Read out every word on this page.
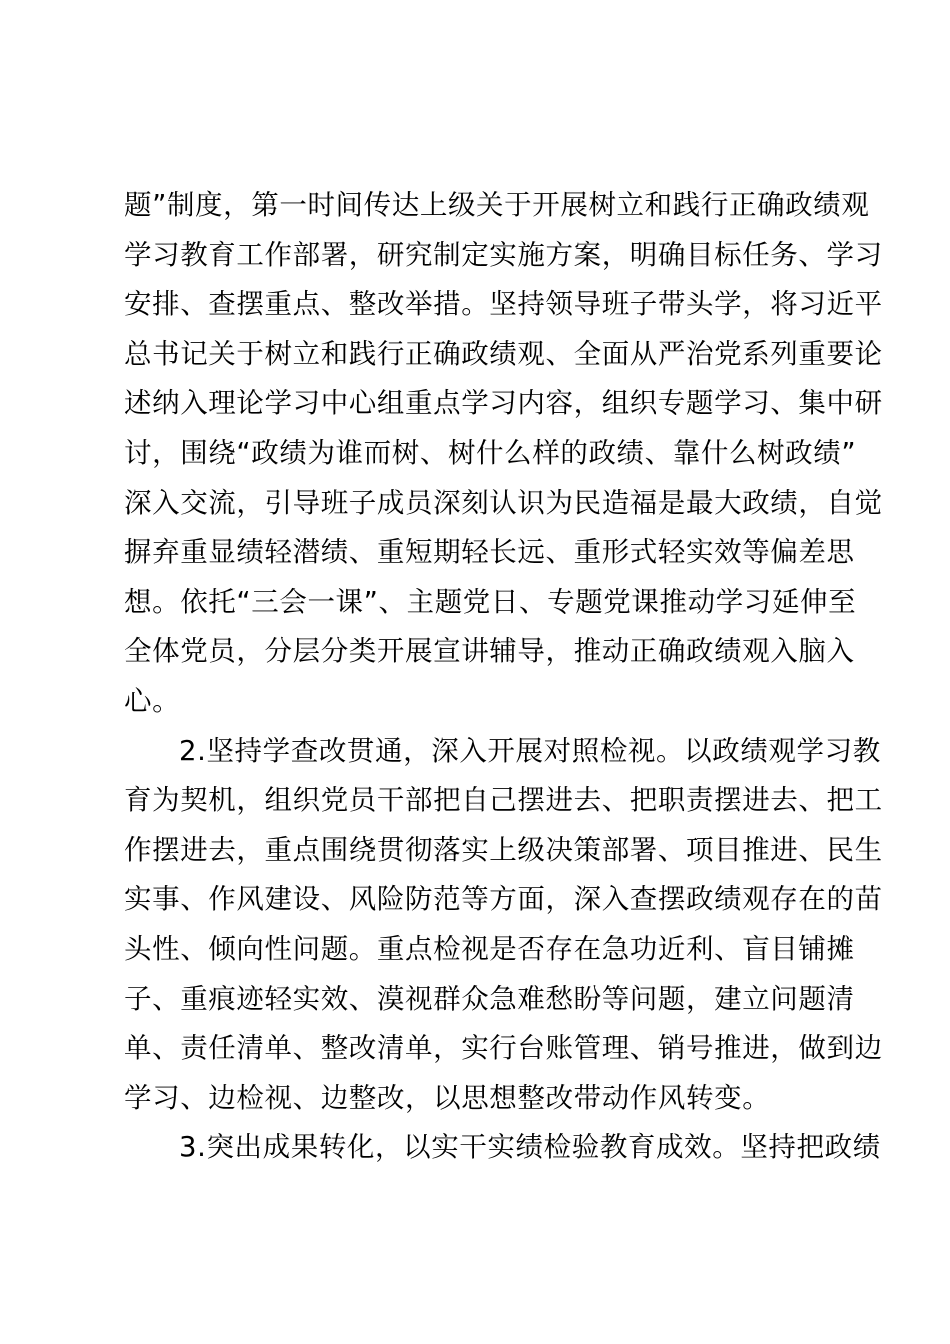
题”制度，第一时间传达上级关于开展树立和践行正确政绩观
学习教育工作部署，研究制定实施方案，明确目标任务、学习
安排、查摆重点、整改举措。坚持领导班子带头学，将习近平
总书记关于树立和践行正确政绩观、全面从严治党系列重要论
述纳入理论学习中心组重点学习内容，组织专题学习、集中研
讨，围绕“政绩为谁而树、树什么样的政绩、靠什么树政绩”
深入交流，引导班子成员深刻认识为民造福是最大政绩，自觉
摒弃重显绩轻潜绩、重短期轻长远、重形式轻实效等偏差思
想。依托“三会一课”、主题党日、专题党课推动学习延伸至
全体党员，分层分类开展宣讲辅导，推动正确政绩观入脑入
心。
2.坚持学查改贯通，深入开展对照检视。以政绩观学习教
育为契机，组织党员干部把自己摆进去、把职责摆进去、把工
作摆进去，重点围绕贯彻落实上级决策部署、项目推进、民生
实事、作风建设、风险防范等方面，深入查摆政绩观存在的苗
头性、倾向性问题。重点检视是否存在急功近利、盲目铺摊
子、重痕迹轻实效、漠视群众急难愁盼等问题，建立问题清
单、责任清单、整改清单，实行台账管理、销号推进，做到边
学习、边检视、边整改，以思想整改带动作风转变。
3.突出成果转化，以实干实绩检验教育成效。坚持把政绩
